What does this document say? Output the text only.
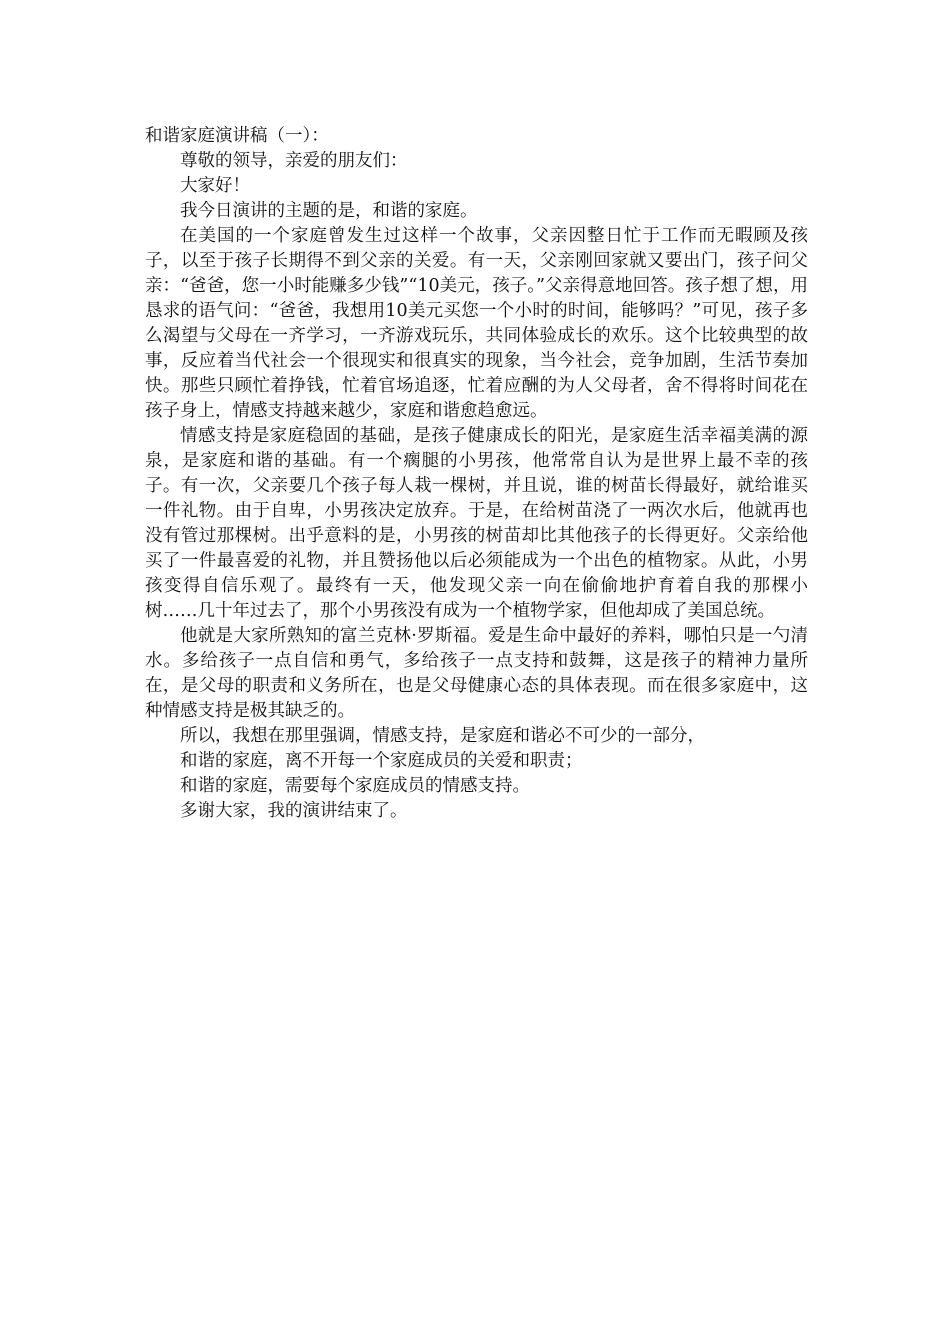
和谐家庭演讲稿（一）：

尊敬的领导，亲爱的朋友们：

大家好！

我今日演讲的主题的是，和谐的家庭。

在美国的一个家庭曾发生过这样一个故事，父亲因整日忙于工作而无暇顾及孩子，以至于孩子长期得不到父亲的关爱。有一天，父亲刚回家就又要出门，孩子问父亲：“爸爸，您一小时能赚多少钱”“10美元，孩子。”父亲得意地回答。孩子想了想，用恳求的语气问：“爸爸，我想用10美元买您一个小时的时间，能够吗？”可见，孩子多么渴望与父母在一齐学习，一齐游戏玩乐，共同体验成长的欢乐。这个比较典型的故事，反应着当代社会一个很现实和很真实的现象，当今社会，竞争加剧，生活节奏加快。那些只顾忙着挣钱，忙着官场追逐，忙着应酬的为人父母者，舍不得将时间花在孩子身上，情感支持越来越少，家庭和谐愈趋愈远。

情感支持是家庭稳固的基础，是孩子健康成长的阳光，是家庭生活幸福美满的源泉，是家庭和谐的基础。有一个瘸腿的小男孩，他常常自认为是世界上最不幸的孩子。有一次，父亲要几个孩子每人栽一棵树，并且说，谁的树苗长得最好，就给谁买一件礼物。由于自卑，小男孩决定放弃。于是，在给树苗浇了一两次水后，他就再也没有管过那棵树。出乎意料的是，小男孩的树苗却比其他孩子的长得更好。父亲给他买了一件最喜爱的礼物，并且赞扬他以后必须能成为一个出色的植物家。从此，小男孩变得自信乐观了。最终有一天，他发现父亲一向在偷偷地护育着自我的那棵小树……几十年过去了，那个小男孩没有成为一个植物学家，但他却成了美国总统。

他就是大家所熟知的富兰克林·罗斯福。爱是生命中最好的养料，哪怕只是一勺清水。多给孩子一点自信和勇气，多给孩子一点支持和鼓舞，这是孩子的精神力量所在，是父母的职责和义务所在，也是父母健康心态的具体表现。而在很多家庭中，这种情感支持是极其缺乏的。

所以，我想在那里强调，情感支持，是家庭和谐必不可少的一部分，

和谐的家庭，离不开每一个家庭成员的关爱和职责；

和谐的家庭，需要每个家庭成员的情感支持。

多谢大家，我的演讲结束了。
